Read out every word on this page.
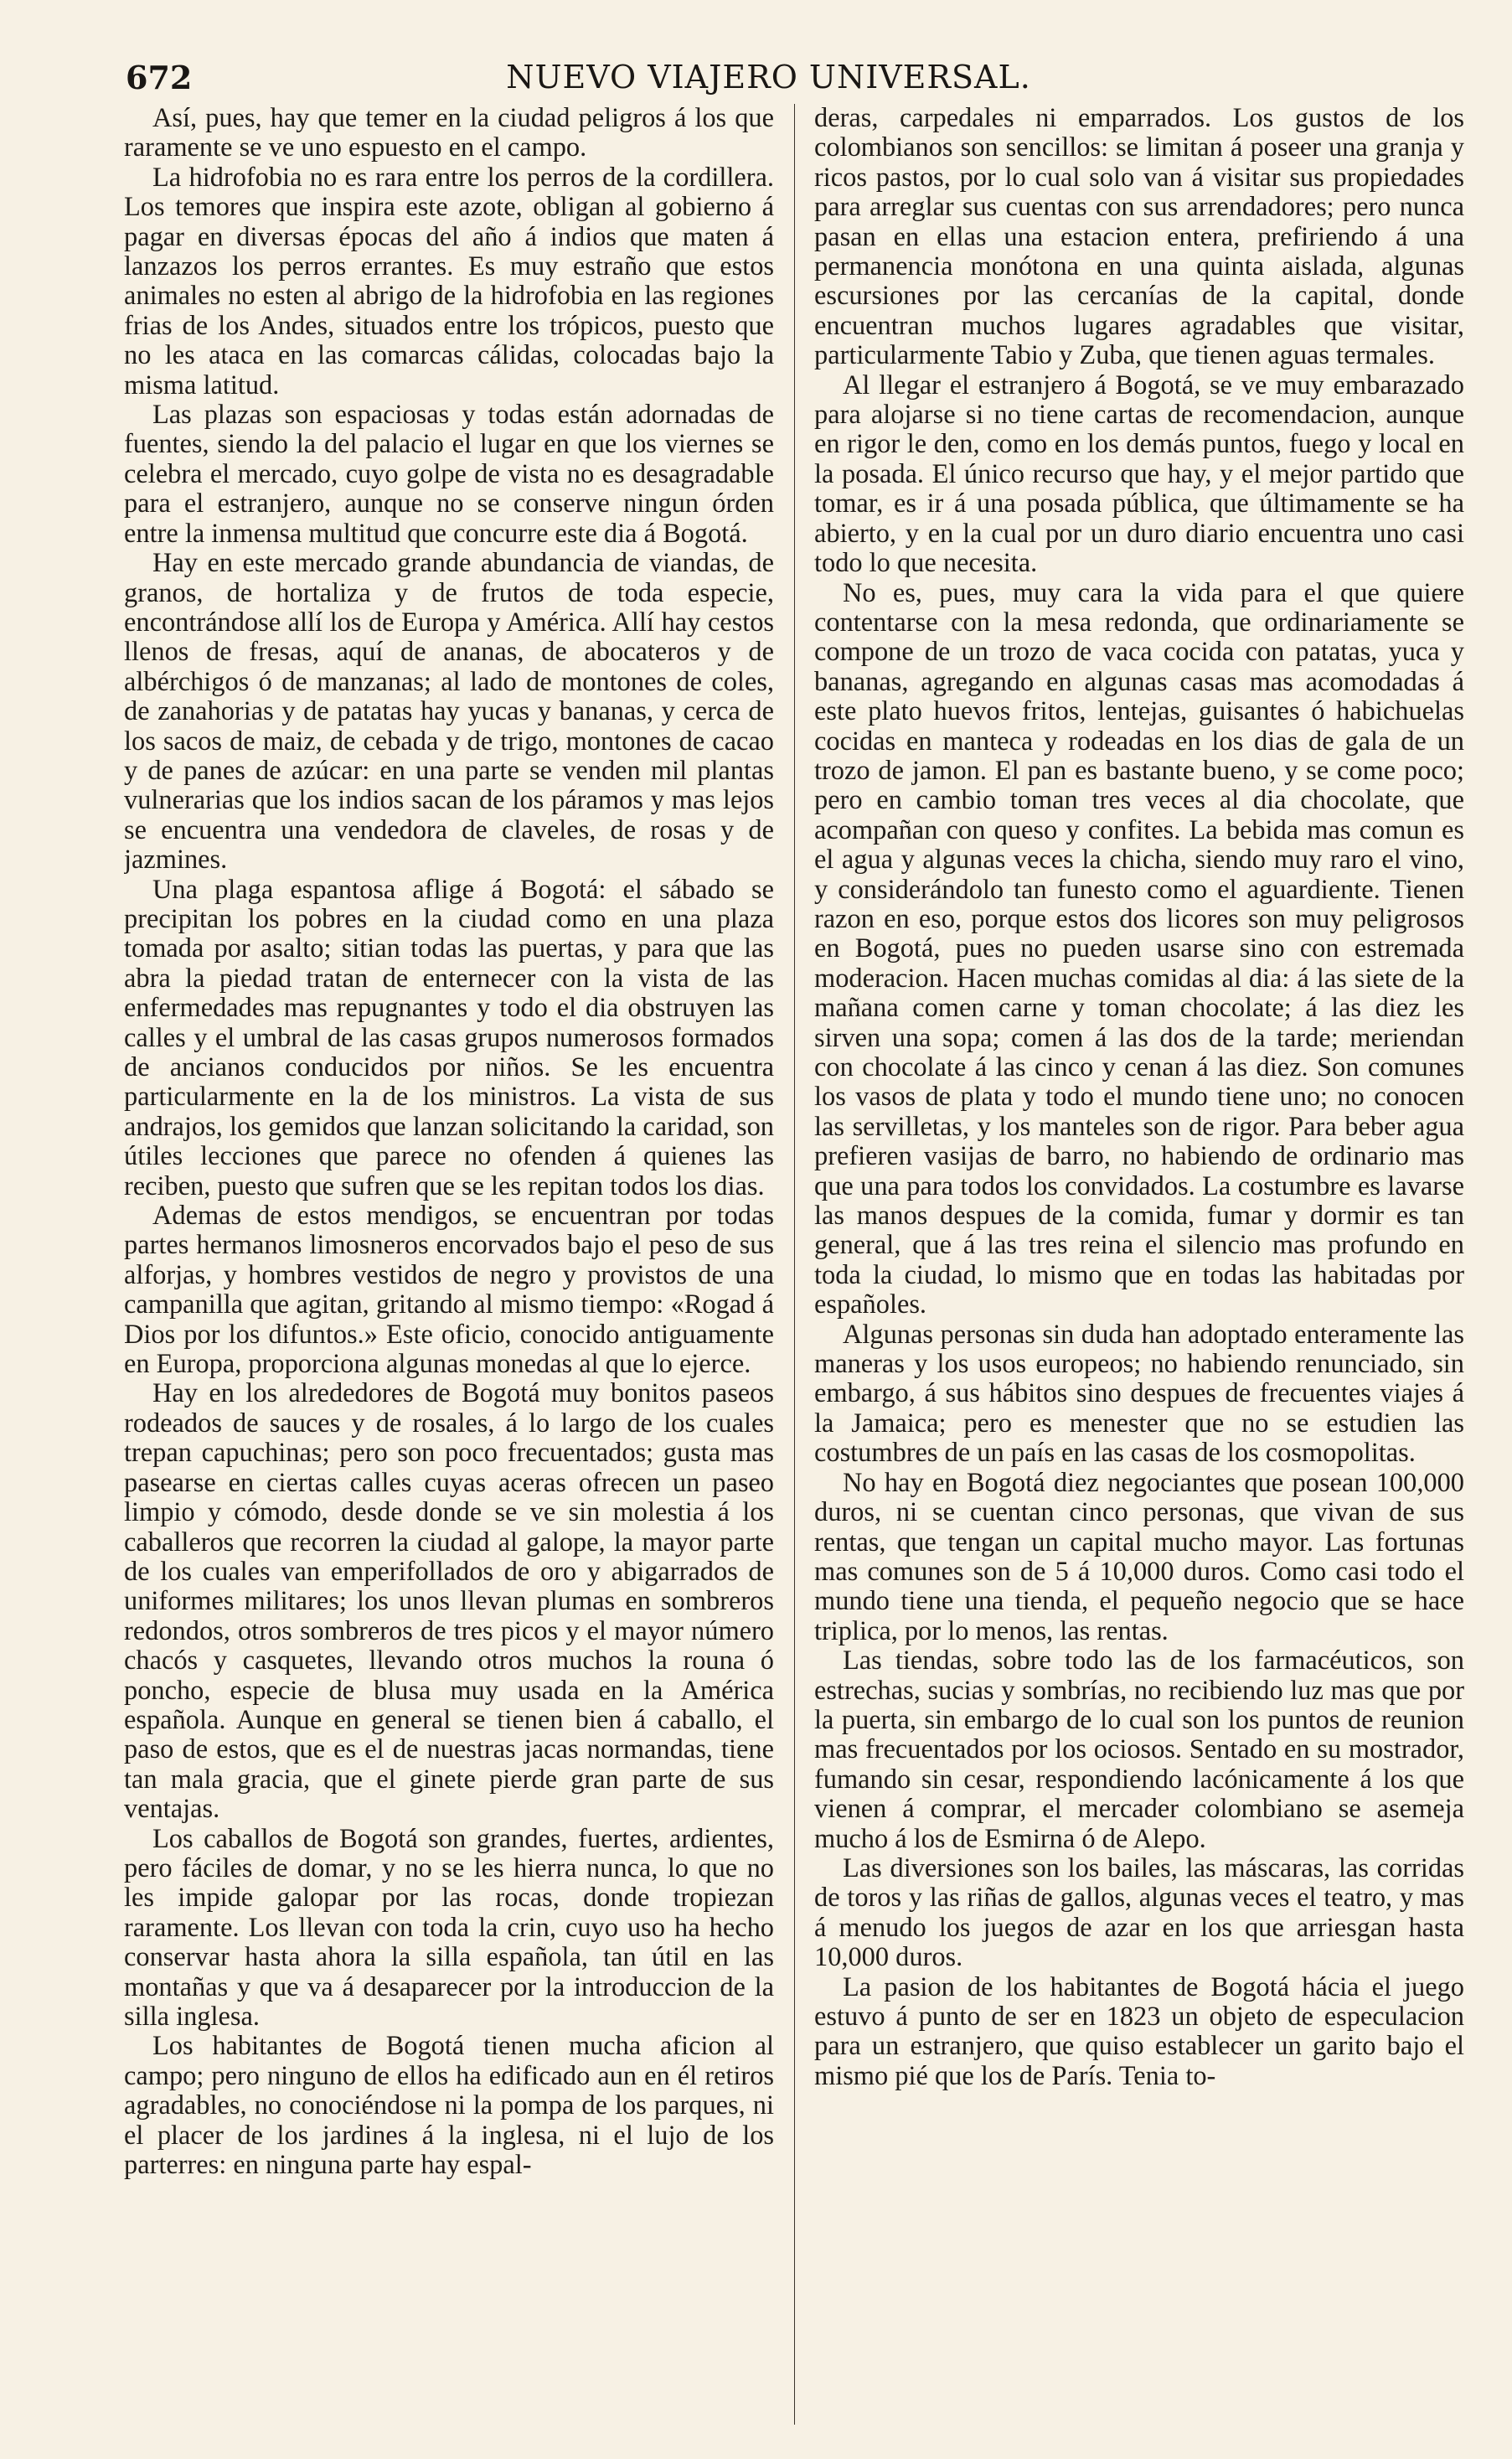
672	NUEVO VIAJERO UNIVERSAL.

Así, pues, hay que temer en la ciudad peligros á los que raramente se ve uno espuesto en el campo.

La hidrofobia no es rara entre los perros de la cordillera. Los temores que inspira este azote, obligan al gobierno á pagar en diversas épocas del año á indios que maten á lanzazos los perros errantes. Es muy estraño que estos animales no esten al abrigo de la hidrofobia en las regiones frias de los Andes, situados entre los trópicos, puesto que no les ataca en las comarcas cálidas, colocadas bajo la misma latitud.

Las plazas son espaciosas y todas están adornadas de fuentes, siendo la del palacio el lugar en que los viernes se celebra el mercado, cuyo golpe de vista no es desagradable para el estranjero, aunque no se conserve ningun órden entre la inmensa multitud que concurre este dia á Bogotá.

Hay en este mercado grande abundancia de viandas, de granos, de hortaliza y de frutos de toda especie, encontrándose allí los de Europa y América. Allí hay cestos llenos de fresas, aquí de ananas, de abocateros y de albérchigos ó de manzanas; al lado de montones de coles, de zanahorias y de patatas hay yucas y bananas, y cerca de los sacos de maiz, de cebada y de trigo, montones de cacao y de panes de azúcar: en una parte se venden mil plantas vulnerarias que los indios sacan de los páramos y mas lejos se encuentra una vendedora de claveles, de rosas y de jazmines.

Una plaga espantosa aflige á Bogotá: el sábado se precipitan los pobres en la ciudad como en una plaza tomada por asalto; sitian todas las puertas, y para que las abra la piedad tratan de enternecer con la vista de las enfermedades mas repugnantes y todo el dia obstruyen las calles y el umbral de las casas grupos numerosos formados de ancianos conducidos por niños. Se les encuentra particularmente en la de los ministros. La vista de sus andrajos, los gemidos que lanzan solicitando la caridad, son útiles lecciones que parece no ofenden á quienes las reciben, puesto que sufren que se les repitan todos los dias.

Ademas de estos mendigos, se encuentran por todas partes hermanos limosneros encorvados bajo el peso de sus alforjas, y hombres vestidos de negro y provistos de una campanilla que agitan, gritando al mismo tiempo: «Rogad á Dios por los difuntos.» Este oficio, conocido antiguamente en Europa, proporciona algunas monedas al que lo ejerce.

Hay en los alrededores de Bogotá muy bonitos paseos rodeados de sauces y de rosales, á lo largo de los cuales trepan capuchinas; pero son poco frecuentados; gusta mas pasearse en ciertas calles cuyas aceras ofrecen un paseo limpio y cómodo, desde donde se ve sin molestia á los caballeros que recorren la ciudad al galope, la mayor parte de los cuales van emperifollados de oro y abigarrados de uniformes militares; los unos llevan plumas en sombreros redondos, otros sombreros de tres picos y el mayor número chacós y casquetes, llevando otros muchos la rouna ó poncho, especie de blusa muy usada en la América española. Aunque en general se tienen bien á caballo, el paso de estos, que es el de nuestras jacas normandas, tiene tan mala gracia, que el ginete pierde gran parte de sus ventajas.

Los caballos de Bogotá son grandes, fuertes, ardientes, pero fáciles de domar, y no se les hierra nunca, lo que no les impide galopar por las rocas, donde tropiezan raramente. Los llevan con toda la crin, cuyo uso ha hecho conservar hasta ahora la silla española, tan útil en las montañas y que va á desaparecer por la introduccion de la silla inglesa.

Los habitantes de Bogotá tienen mucha aficion al campo; pero ninguno de ellos ha edificado aun en él retiros agradables, no conociéndose ni la pompa de los parques, ni el placer de los jardines á la inglesa, ni el lujo de los parterres: en ninguna parte hay espal-

deras, carpedales ni emparrados. Los gustos de los colombianos son sencillos: se limitan á poseer una granja y ricos pastos, por lo cual solo van á visitar sus propiedades para arreglar sus cuentas con sus arrendadores; pero nunca pasan en ellas una estacion entera, prefiriendo á una permanencia monótona en una quinta aislada, algunas escursiones por las cercanías de la capital, donde encuentran muchos lugares agradables que visitar, particularmente Tabio y Zuba, que tienen aguas termales.

Al llegar el estranjero á Bogotá, se ve muy embarazado para alojarse si no tiene cartas de recomendacion, aunque en rigor le den, como en los demás puntos, fuego y local en la posada. El único recurso que hay, y el mejor partido que tomar, es ir á una posada pública, que últimamente se ha abierto, y en la cual por un duro diario encuentra uno casi todo lo que necesita.

No es, pues, muy cara la vida para el que quiere contentarse con la mesa redonda, que ordinariamente se compone de un trozo de vaca cocida con patatas, yuca y bananas, agregando en algunas casas mas acomodadas á este plato huevos fritos, lentejas, guisantes ó habichuelas cocidas en manteca y rodeadas en los dias de gala de un trozo de jamon. El pan es bastante bueno, y se come poco; pero en cambio toman tres veces al dia chocolate, que acompañan con queso y confites. La bebida mas comun es el agua y algunas veces la chicha, siendo muy raro el vino, y considerándolo tan funesto como el aguardiente. Tienen razon en eso, porque estos dos licores son muy peligrosos en Bogotá, pues no pueden usarse sino con estremada moderacion. Hacen muchas comidas al dia: á las siete de la mañana comen carne y toman chocolate; á las diez les sirven una sopa; comen á las dos de la tarde; meriendan con chocolate á las cinco y cenan á las diez. Son comunes los vasos de plata y todo el mundo tiene uno; no conocen las servilletas, y los manteles son de rigor. Para beber agua prefieren vasijas de barro, no habiendo de ordinario mas que una para todos los convidados. La costumbre es lavarse las manos despues de la comida, fumar y dormir es tan general, que á las tres reina el silencio mas profundo en toda la ciudad, lo mismo que en todas las habitadas por españoles.

Algunas personas sin duda han adoptado enteramente las maneras y los usos europeos; no habiendo renunciado, sin embargo, á sus hábitos sino despues de frecuentes viajes á la Jamaica; pero es menester que no se estudien las costumbres de un país en las casas de los cosmopolitas.

No hay en Bogotá diez negociantes que posean 100,000 duros, ni se cuentan cinco personas, que vivan de sus rentas, que tengan un capital mucho mayor. Las fortunas mas comunes son de 5 á 10,000 duros. Como casi todo el mundo tiene una tienda, el pequeño negocio que se hace triplica, por lo menos, las rentas.

Las tiendas, sobre todo las de los farmacéuticos, son estrechas, sucias y sombrías, no recibiendo luz mas que por la puerta, sin embargo de lo cual son los puntos de reunion mas frecuentados por los ociosos. Sentado en su mostrador, fumando sin cesar, respondiendo lacónicamente á los que vienen á comprar, el mercader colombiano se asemeja mucho á los de Esmirna ó de Alepo.

Las diversiones son los bailes, las máscaras, las corridas de toros y las riñas de gallos, algunas veces el teatro, y mas á menudo los juegos de azar en los que arriesgan hasta 10,000 duros.

La pasion de los habitantes de Bogotá hácia el juego estuvo á punto de ser en 1823 un objeto de especulacion para un estranjero, que quiso establecer un garito bajo el mismo pié que los de París. Tenia to-
